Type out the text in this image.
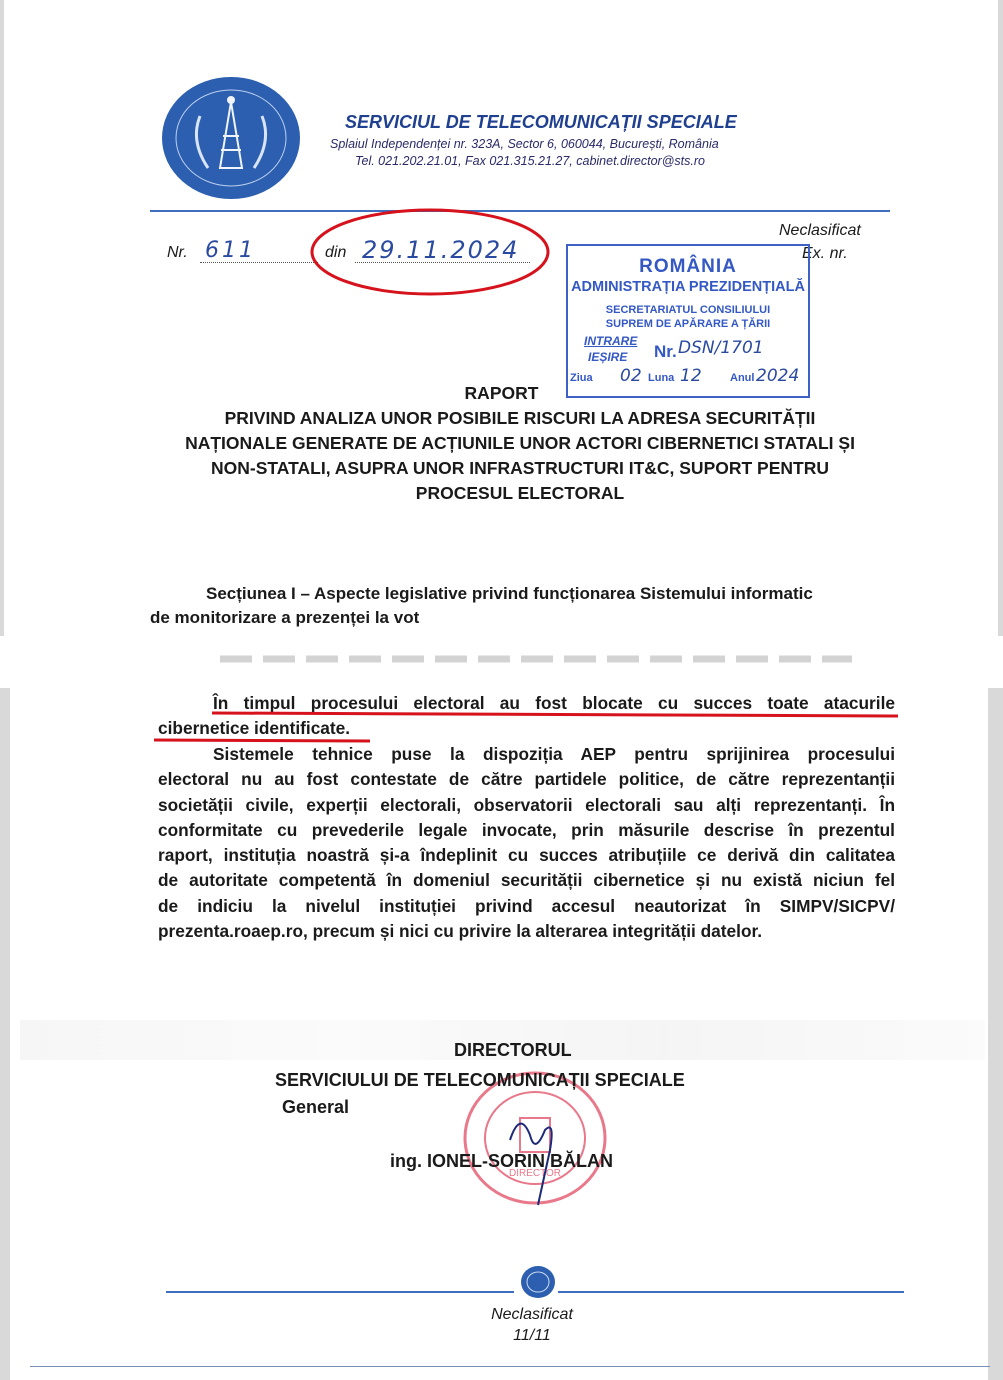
SERVICIUL DE TELECOMUNICAȚII SPECIALE
Splaiul Independenței nr. 323A, Sector 6, 060044, București, România
Tel. 021.202.21.01, Fax 021.315.21.27, cabinet.director@sts.ro
Neclasificat
Ex. nr.
Nr. 611	din 29.11.2024
ROMÂNIA
ADMINISTRAȚIA PREZIDENȚIALĂ
SECRETARIATUL CONSILIULUI
SUPREM DE APĂRARE A ȚĂRII
INTRARE
IEȘIRE Nr. DSN/1701
Ziua 02 Luna 12	Anul 2024
RAPORT
PRIVIND ANALIZA UNOR POSIBILE RISCURI LA ADRESA SECURITĂȚII
NAȚIONALE GENERATE DE ACȚIUNILE UNOR ACTORI CIBERNETICI STATALI ȘI
NON-STATALI, ASUPRA UNOR INFRASTRUCTURI IT&C, SUPORT PENTRU
PROCESUL ELECTORAL
Secțiunea I – Aspecte legislative privind funcționarea Sistemului informatic
de monitorizare a prezenței la vot
În timpul procesului electoral au fost blocate cu succes toate atacurile
cibernetice identificate.
Sistemele tehnice puse la dispoziția AEP pentru sprijinirea procesului
electoral nu au fost contestate de către partidele politice, de către reprezentanții
societății civile, experții electorali, observatorii electorali sau alți reprezentanți. În
conformitate cu prevederile legale invocate, prin măsurile descrise în prezentul
raport, instituția noastră și-a îndeplinit cu succes atribuțiile ce derivă din calitatea
de autoritate competentă în domeniul securității cibernetice și nu există niciun fel
de indiciu la nivelul instituției privind accesul neautorizat în SIMPV/SICPV/
prezenta.roaep.ro, precum și nici cu privire la alterarea integrității datelor.
DIRECTOR
DIRECTORUL
SERVICIULUI DE TELECOMUNICAȚII SPECIALE
General
ing. IONEL-SORIN BĂLAN
Neclasificat
11/11
